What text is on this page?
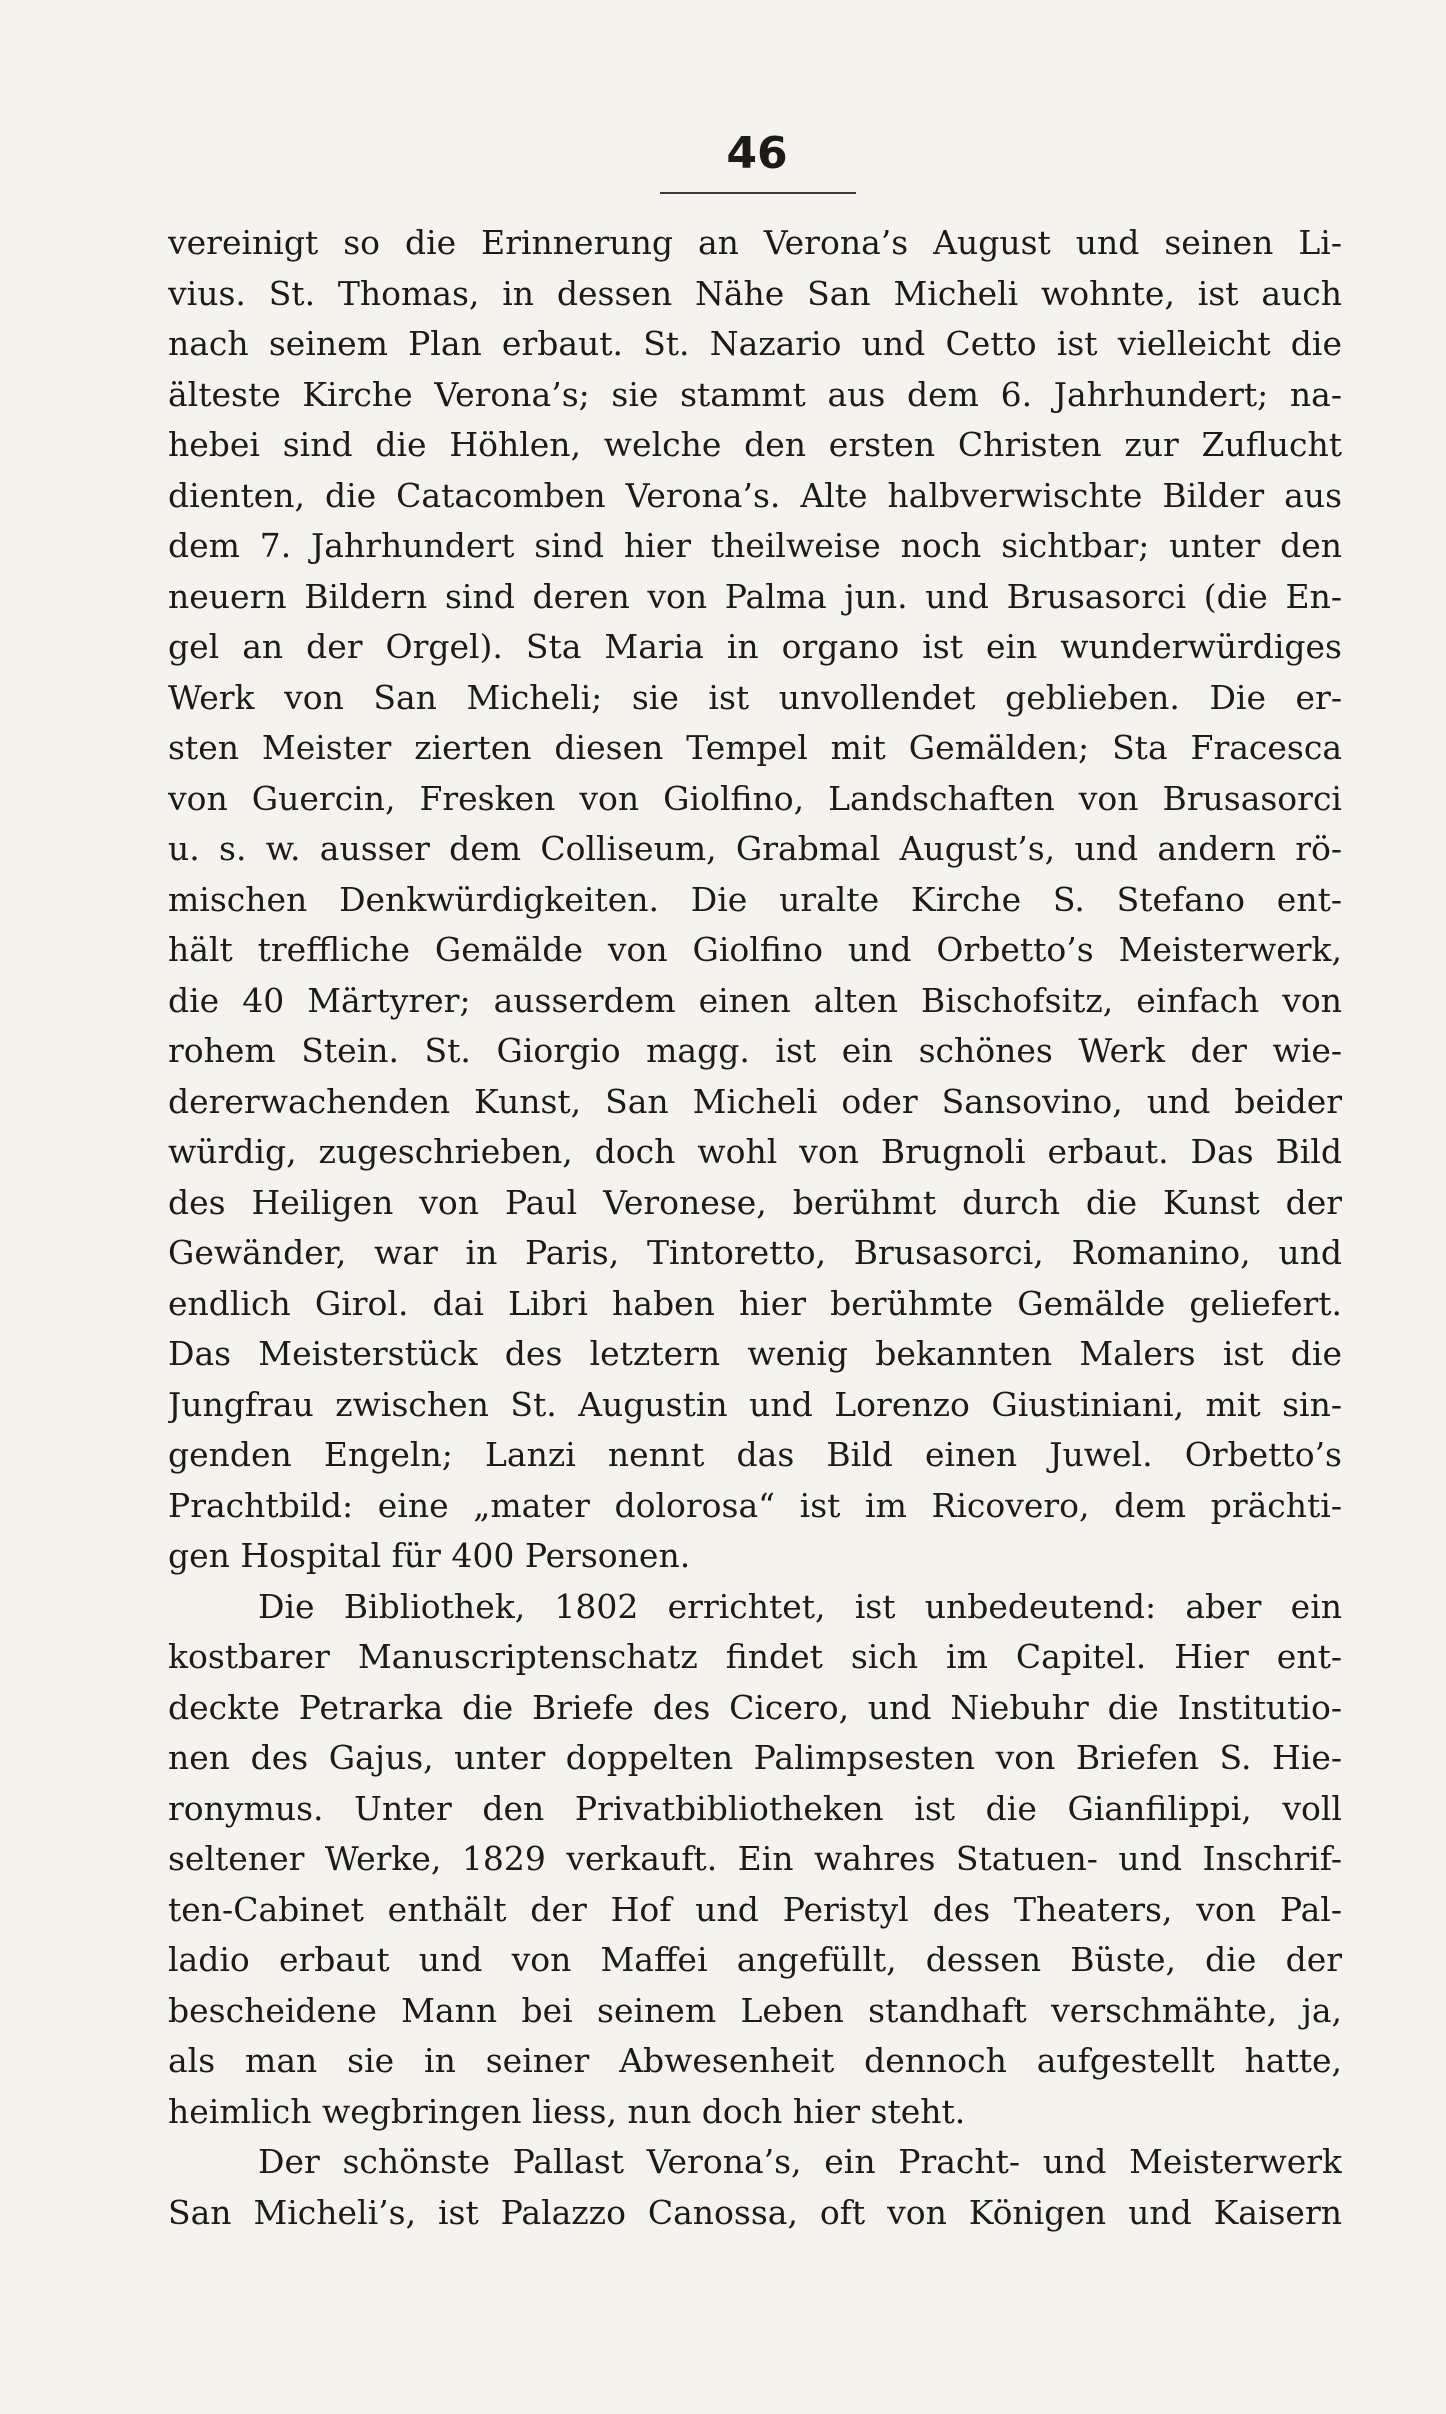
46
vereinigt so die Erinnerung an Verona’s August und seinen Li-
vius. St. Thomas, in dessen Nähe San Micheli wohnte, ist auch
nach seinem Plan erbaut. St. Nazario und Cetto ist vielleicht die
älteste Kirche Verona’s; sie stammt aus dem 6. Jahrhundert; na-
hebei sind die Höhlen, welche den ersten Christen zur Zuflucht
dienten, die Catacomben Verona’s. Alte halbverwischte Bilder aus
dem 7. Jahrhundert sind hier theilweise noch sichtbar; unter den
neuern Bildern sind deren von Palma jun. und Brusasorci (die En-
gel an der Orgel). Sta Maria in organo ist ein wunderwürdiges
Werk von San Micheli; sie ist unvollendet geblieben. Die er-
sten Meister zierten diesen Tempel mit Gemälden; Sta Fracesca
von Guercin, Fresken von Giolfino, Landschaften von Brusasorci
u. s. w. ausser dem Colliseum, Grabmal August’s, und andern rö-
mischen Denkwürdigkeiten. Die uralte Kirche S. Stefano ent-
hält treffliche Gemälde von Giolfino und Orbetto’s Meisterwerk,
die 40 Märtyrer; ausserdem einen alten Bischofsitz, einfach von
rohem Stein. St. Giorgio magg. ist ein schönes Werk der wie-
dererwachenden Kunst, San Micheli oder Sansovino, und beider
würdig, zugeschrieben, doch wohl von Brugnoli erbaut. Das Bild
des Heiligen von Paul Veronese, berühmt durch die Kunst der
Gewänder, war in Paris, Tintoretto, Brusasorci, Romanino, und
endlich Girol. dai Libri haben hier berühmte Gemälde geliefert.
Das Meisterstück des letztern wenig bekannten Malers ist die
Jungfrau zwischen St. Augustin und Lorenzo Giustiniani, mit sin-
genden Engeln; Lanzi nennt das Bild einen Juwel. Orbetto’s
Prachtbild: eine „mater dolorosa“ ist im Ricovero, dem prächti-
gen Hospital für 400 Personen.
Die Bibliothek, 1802 errichtet, ist unbedeutend: aber ein
kostbarer Manuscriptenschatz findet sich im Capitel. Hier ent-
deckte Petrarka die Briefe des Cicero, und Niebuhr die Institutio-
nen des Gajus, unter doppelten Palimpsesten von Briefen S. Hie-
ronymus. Unter den Privatbibliotheken ist die Gianfilippi, voll
seltener Werke, 1829 verkauft. Ein wahres Statuen- und Inschrif-
ten-Cabinet enthält der Hof und Peristyl des Theaters, von Pal-
ladio erbaut und von Maffei angefüllt, dessen Büste, die der
bescheidene Mann bei seinem Leben standhaft verschmähte, ja,
als man sie in seiner Abwesenheit dennoch aufgestellt hatte,
heimlich wegbringen liess, nun doch hier steht.
Der schönste Pallast Verona’s, ein Pracht- und Meisterwerk
San Micheli’s, ist Palazzo Canossa, oft von Königen und Kaisern
